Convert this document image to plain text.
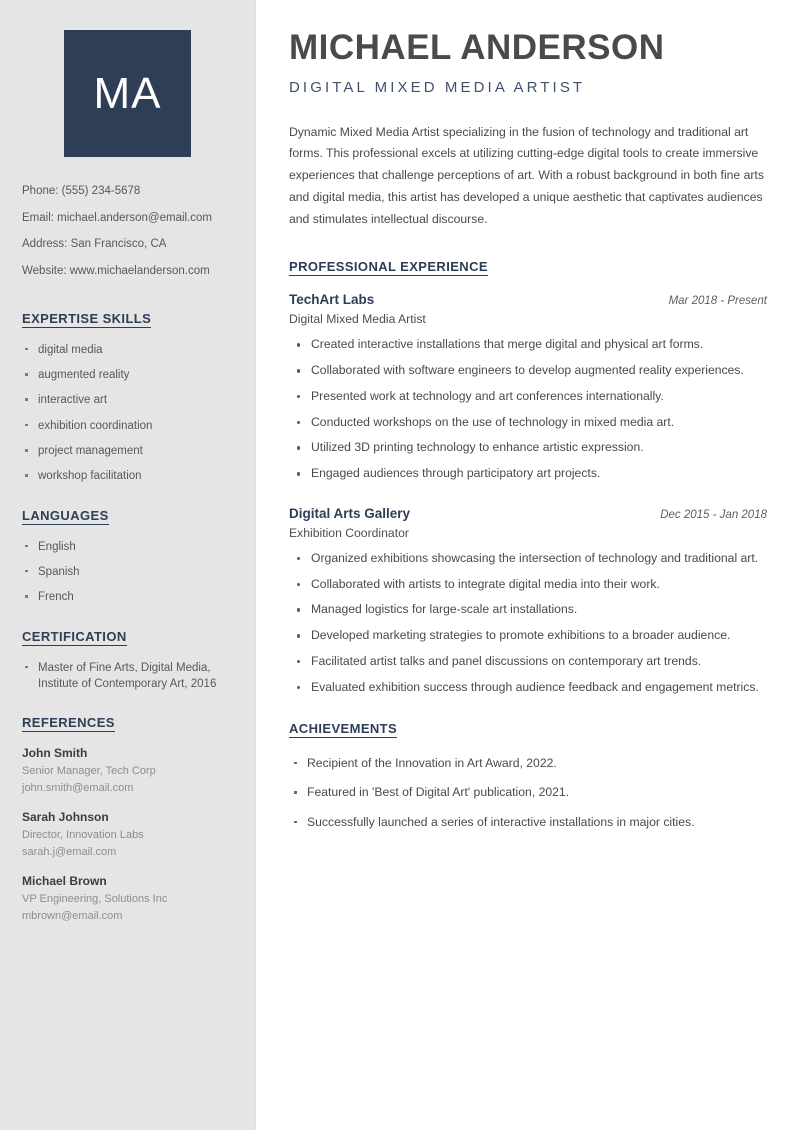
MA
Phone: (555) 234-5678
Email: michael.anderson@email.com
Address: San Francisco, CA
Website: www.michaelanderson.com
EXPERTISE SKILLS
digital media
augmented reality
interactive art
exhibition coordination
project management
workshop facilitation
LANGUAGES
English
Spanish
French
CERTIFICATION
Master of Fine Arts, Digital Media, Institute of Contemporary Art, 2016
REFERENCES
John Smith
Senior Manager, Tech Corp
john.smith@email.com
Sarah Johnson
Director, Innovation Labs
sarah.j@email.com
Michael Brown
VP Engineering, Solutions Inc
mbrown@email.com
MICHAEL ANDERSON
DIGITAL MIXED MEDIA ARTIST

Dynamic Mixed Media Artist specializing in the fusion of technology and traditional art forms. This professional excels at utilizing cutting-edge digital tools to create immersive experiences that challenge perceptions of art. With a robust background in both fine arts and digital media, this artist has developed a unique aesthetic that captivates audiences and stimulates intellectual discourse.

PROFESSIONAL EXPERIENCE
TechArt Labs	Mar 2018 - Present
Digital Mixed Media Artist
Created interactive installations that merge digital and physical art forms.
Collaborated with software engineers to develop augmented reality experiences.
Presented work at technology and art conferences internationally.
Conducted workshops on the use of technology in mixed media art.
Utilized 3D printing technology to enhance artistic expression.
Engaged audiences through participatory art projects.
Digital Arts Gallery	Dec 2015 - Jan 2018
Exhibition Coordinator
Organized exhibitions showcasing the intersection of technology and traditional art.
Collaborated with artists to integrate digital media into their work.
Managed logistics for large-scale art installations.
Developed marketing strategies to promote exhibitions to a broader audience.
Facilitated artist talks and panel discussions on contemporary art trends.
Evaluated exhibition success through audience feedback and engagement metrics.
ACHIEVEMENTS
Recipient of the Innovation in Art Award, 2022.
Featured in 'Best of Digital Art' publication, 2021.
Successfully launched a series of interactive installations in major cities.
